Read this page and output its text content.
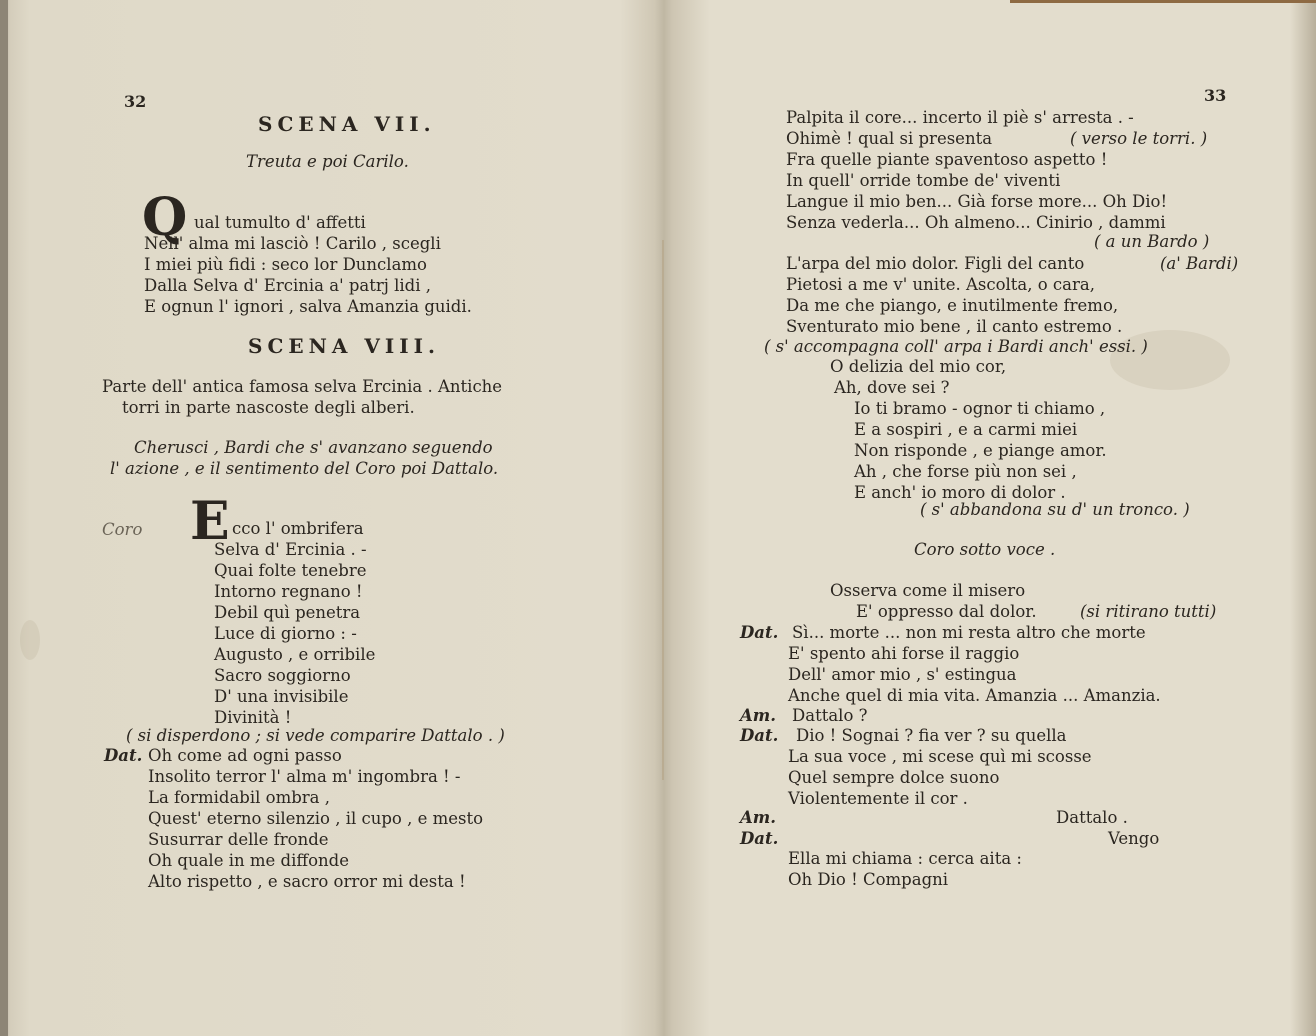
32
SCENA VII.
Treuta e poi Carilo.
Q ual tumulto d' affetti
Nell' alma mi lasciò ! Carilo , scegli
I miei più fidi : seco lor Dunclamo
Dalla Selva d' Ercinia a' patrj lidi ,
E ognun l' ignori , salva Amanzia guidi.
SCENA VIII.
Parte dell' antica famosa selva Ercinia . Antiche
torri in parte nascoste degli alberi.
Cherusci , Bardi che s' avanzano seguendo
l' azione , e il sentimento del Coro poi Dattalo.
Coro E cco l' ombrifera
Selva d' Ercinia . -
Quai folte tenebre
Intorno regnano !
Debil quì penetra
Luce di giorno : -
Augusto , e orribile
Sacro soggiorno
D' una invisibile
Divinità !
( si disperdono ; si vede comparire Dattalo . )
Dat. Oh come ad ogni passo
Insolito terror l' alma m' ingombra ! -
La formidabil ombra ,
Quest' eterno silenzio , il cupo , e mesto
Susurrar delle fronde
Oh quale in me diffonde
Alto rispetto , e sacro orror mi desta !
33
Palpita il core... incerto il piè s' arresta . -
Ohimè ! qual si presenta	( verso le torri. )
Fra quelle piante spaventoso aspetto !
In quell' orride tombe de' viventi
Langue il mio ben... Già forse more... Oh Dio!
Senza vederla... Oh almeno... Cinirio , dammi
( a un Bardo )
L'arpa del mio dolor. Figli del canto	(a' Bardi)
Pietosi a me v' unite. Ascolta, o cara,
Da me che piango, e inutilmente fremo,
Sventurato mio bene , il canto estremo .
( s' accompagna coll' arpa i Bardi anch' essi. )
O delizia del mio cor,
Ah, dove sei ?
Io ti bramo - ognor ti chiamo ,
E a sospiri , e a carmi miei
Non risponde , e piange amor.
Ah , che forse più non sei ,
E anch' io moro di dolor .
( s' abbandona su d' un tronco. )
Coro sotto voce .
Osserva come il misero
E' oppresso dal dolor.	(si ritirano tutti)
Dat. Sì... morte ... non mi resta altro che morte
E' spento ahi forse il raggio
Dell' amor mio , s' estingua
Anche quel di mia vita. Amanzia ... Amanzia.
Am. Dattalo ?
Dat. Dio ! Sognai ? fia ver ? su quella
La sua voce , mi scese quì mi scosse
Quel sempre dolce suono
Violentemente il cor .
Am.	Dattalo .
Dat.	Vengo
Ella mi chiama : cerca aita :
Oh Dio ! Compagni
